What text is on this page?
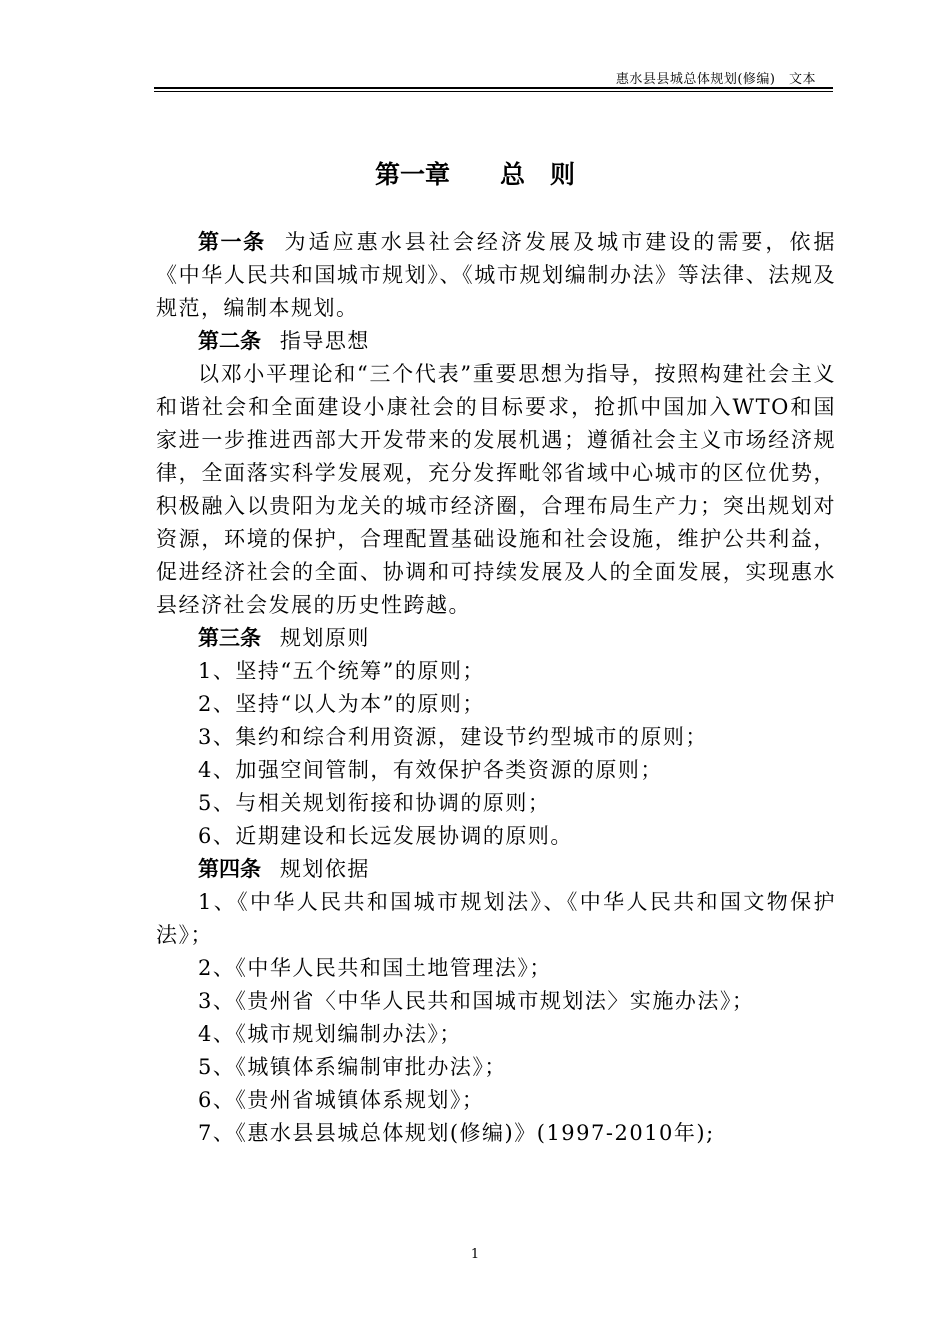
惠水县县城总体规划(修编)　文本
第一章　　总　则

第一条 为适应惠水县社会经济发展及城市建设的需要，依据《中华人民共和国城市规划》、《城市规划编制办法》等法律、法规及规范，编制本规划。

第二条 指导思想

以邓小平理论和“三个代表”重要思想为指导，按照构建社会主义和谐社会和全面建设小康社会的目标要求，抢抓中国加入WTO和国家进一步推进西部大开发带来的发展机遇；遵循社会主义市场经济规律，全面落实科学发展观，充分发挥毗邻省域中心城市的区位优势，积极融入以贵阳为龙关的城市经济圈，合理布局生产力；突出规划对资源，环境的保护，合理配置基础设施和社会设施，维护公共利益，促进经济社会的全面、协调和可持续发展及人的全面发展，实现惠水县经济社会发展的历史性跨越。

第三条 规划原则

1、坚持“五个统筹”的原则；

2、坚持“以人为本”的原则；

3、集约和综合利用资源，建设节约型城市的原则；

4、加强空间管制，有效保护各类资源的原则；

5、与相关规划衔接和协调的原则；

6、近期建设和长远发展协调的原则。

第四条 规划依据

1、《中华人民共和国城市规划法》、《中华人民共和国文物保护法》；

2、《中华人民共和国土地管理法》；

3、《贵州省〈中华人民共和国城市规划法〉实施办法》；

4、《城市规划编制办法》；

5、《城镇体系编制审批办法》；

6、《贵州省城镇体系规划》；

7、《惠水县县城总体规划(修编)》(1997-2010年);

1
